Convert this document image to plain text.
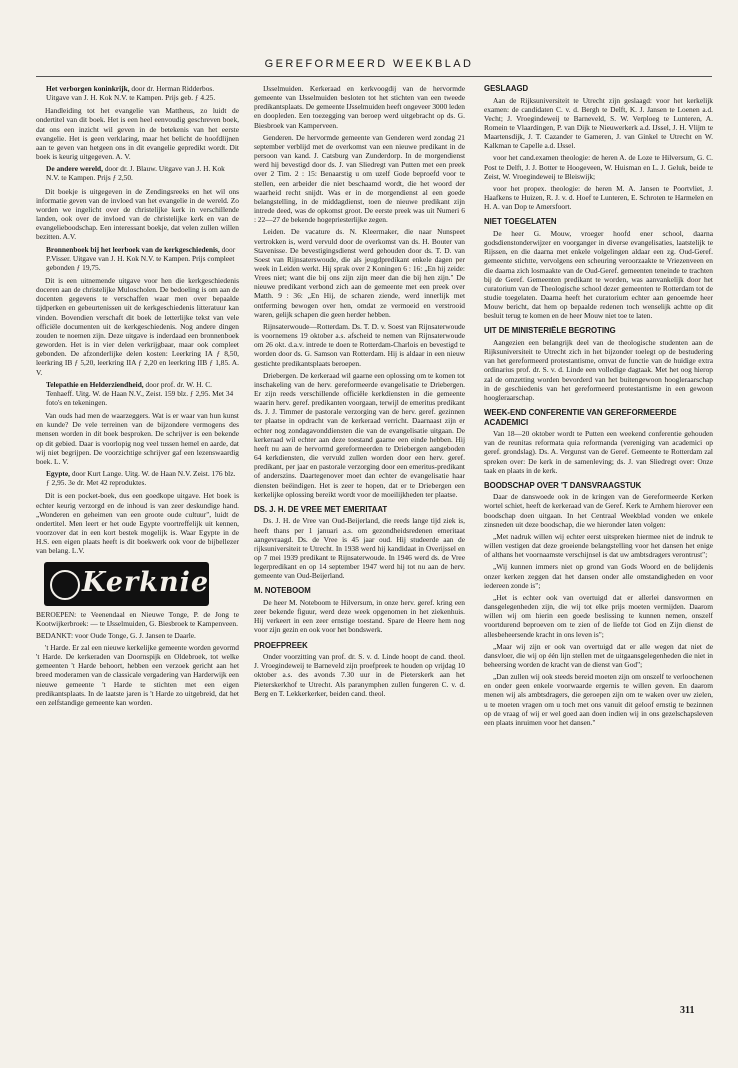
GEREFORMEERD WEEKBLAD
Het verborgen koninkrijk, door dr. Herman Ridderbos. Uitgave van J. H. Kok N.V. te Kampen. Prijs geb. ƒ 4.25.

Handleiding tot het evangelie van Mattheus, zo luidt de ondertitel van dit boek. Het is een heel eenvoudig geschreven boek, dat ons een inzicht wil geven in de betekenis van het eerste evangelie. Het is geen verklaring, maar het belicht de hoofdlijnen aan te geven van hetgeen ons in dit evangelie gepredikt wordt. Dit boek is keurig uitgegeven. A. V.

De andere wereld, door dr. J. Blauw. Uitgave van J. H. Kok N.V. te Kampen. Prijs ƒ 2,50.

Dit boekje is uitgegeven in de Zendingsreeks en het wil ons informatie geven van de invloed van het evangelie in de wereld. Zo worden we ingelicht over de christelijke kerk in verschillende landen, ook over de invloed van de christelijke kerk en van de evangelieboodschap. Een interessant boekje, dat velen zullen willen bezitten. A.V.

Bronnenboek bij het leerboek van de kerkgeschiedenis, door P.Visser. Uitgave van J. H. Kok N.V. te Kampen. Prijs compleet gebonden ƒ 19,75.

Dit is een uitnemende uitgave voor hen die kerkgeschiedenis doceren aan de christelijke Muloscholen. De bedoeling is om aan de docenten gegevens te verschaffen waar men over bepaalde tijdperken en gebeurtenissen uit de kerkgeschiedenis litteratuur kan vinden. Bovendien verschaft dit boek de letterlijke tekst van vele officiële documenten uit de kerkgeschiedenis. Nog andere dingen zouden te noemen zijn. Deze uitgave is inderdaad een bronnenboek geworden. Het is in vier delen verkrijgbaar, maar ook compleet gebonden. De afzonderlijke delen kosten: Leerkring IA ƒ 8,50, leerkring IB ƒ 5,20, leerkring IIA ƒ 2,20 en leerkring IIB ƒ 1,85. A. V.

Telepathie en Helderziendheid, door prof. dr. W. H. C. Tenhaeff. Uitg. W. de Haan N.V., Zeist. 159 blz. ƒ 2,95. Met 34 foto's en tekeningen.

Van ouds had men de waarzeggers. Wat is er waar van hun kunst en kunde? De vele terreinen van de bijzondere vermogens des mensen worden in dit boek besproken. De schrijver is een bekende op dit gebied. Daar is voorlopig nog veel tussen hemel en aarde, dat wij niet begrijpen. De voorzichtige schrijver gaf een lezenswaardig boek. L. V.

Egypte, door Kurt Lange. Uitg. W. de Haan N.V. Zeist. 176 blz. ƒ 2,95. 3e dr. Met 42 reproduktes.

Dit is een pocket-boek, dus een goedkope uitgave. Het boek is echter keurig verzorgd en de inhoud is van zeer deskundige hand. „Wonderen en geheimen van een groote oude cultuur", luidt de ondertitel. Men leert er het oude Egypte voortreffelijk uit kennen, voorzover dat in een kort bestek mogelijk is. Waar Egypte in de H.S. een eigen plaats heeft is dit boekwerk ook voor de bijbellezer van belang. L.V.

Kerknieuws

BEROEPEN: te Veenendaal en Nieuwe Tonge, P. de Jong te Kootwijkerbroek: — te IJsselmuiden, G. Biesbroek te Kampenveen.

BEDANKT: voor Oude Tonge, G. J. Jansen te Daarle.

't Harde. Er zal een nieuwe kerkelijke gemeente worden gevormd 't Harde. De kerkeraden van Doornspijk en Oldebroek, tot welke gemeenten 't Harde behoort, hebben een verzoek gericht aan het breed moderamen van de classicale vergadering van Harderwijk een nieuwe gemeente 't Harde te stichten met een eigen predikantsplaats. In de laatste jaren is 't Harde zo uitgebreid, dat het een zelfstandige gemeente kan worden.

IJsselmuiden. Kerkeraad en kerkvoogdij van de hervormde gemeente van IJsselmuiden besloten tot het stichten van een tweede predikantsplaats. De gemeente IJsselmuiden heeft ongeveer 3000 leden en doopleden. Een toezegging van beroep werd uitgebracht op ds. G. Biesbroek van Kamperveen.

Genderen. De hervormde gemeente van Genderen werd zondag 21 september verblijd met de overkomst van een nieuwe predikant in de persoon van kand. J. Catsburg van Zunderdorp. In de morgendienst werd hij bevestigd door ds. J. van Sliedregt van Putten met een preek over 2 Tim. 2 : 15: Benaarstig u om uzelf Gode beproefd voor te stellen, een arbeider die niet beschaamd wordt, die het woord der waarheid recht snijdt. Was er in de morgendienst al een goede belangstelling, in de middagdienst, toen de nieuwe predikant zijn intrede deed, was de opkomst groot. De eerste preek was uit Numeri 6 : 22—27 de bekende hogepriesterlijke zegen.

Leiden. De vacature ds. N. Kleermaker, die naar Nunspeet vertrokken is, werd vervuld door de overkomst van ds. H. Bouter van Stavenisse. De bevestigingsdienst werd gehouden door ds. T. D. van Soest van Rijnsaterswoude, die als jeugdpredikant enkele dagen per week in Leiden werkt. Hij sprak over 2 Koningen 6 : 16: „En hij zeide: Vrees niet; want die bij ons zijn zijn meer dan die bij hen zijn." De nieuwe predikant verbond zich aan de gemeente met een preek over Matth. 9 : 36: „En Hij, de scharen ziende, werd innerlijk met ontferming bewogen over hen, omdat ze vermoeid en verstrooid waren, gelijk schapen die geen herder hebben.

Rijnsaterwoude—Rotterdam. Ds. T. D. v. Soest van Rijnsaterwoude is voornemens 19 oktober a.s. afscheid te nemen van Rijnsaterwoude om 26 okt. d.a.v. intrede te doen te Rotterdam-Charlois en bevestigd te worden door ds. G. Samson van Rotterdam. Hij is aldaar in een nieuw gestichte predikantsplaats beroepen.

Driebergen. De kerkeraad wil gaarne een oplossing om te komen tot inschakeling van de herv. gereformeerde evangelisatie te Driebergen. Er zijn reeds verschillende officiële kerkdiensten in die gemeente waarin herv. geref. predikanten voorgaan, terwijl de emeritus predikant ds. J. J. Timmer de pastorale verzorging van de herv. geref. gezinnen ter plaatse in opdracht van de kerkeraad verricht. Daarnaast zijn er echter nog zondagavonddiensten die van de evangelisatie uitgaan. De kerkeraad wil echter aan deze toestand gaarne een einde hebben. Hij heeft nu aan de hervormd gereformeerden te Driebergen aangeboden 64 kerkdiensten, die vervuld zullen worden door een herv. geref. predikant, per jaar en pastorale verzorging door een emeritus-predikant of anderszins. Daartegenover moet dan echter de evangelisatie haar diensten beëindigen. Het is zeer te hopen, dat er te Driebergen een kerkelijke oplossing bereikt wordt voor de moeilijkheden ter plaatse.

DS. J. H. DE VREE MET EMERITAAT

Ds. J. H. de Vree van Oud-Beijerland, die reeds lange tijd ziek is, heeft thans per 1 januari a.s. om gezondheidsredenen emeritaat aangevraagd. Ds. de Vree is 45 jaar oud. Hij studeerde aan de rijksuniversiteit te Utrecht. In 1938 werd hij kandidaat in Overijssel en op 7 mei 1939 predikant te Rijnsaterwoude. In 1946 werd ds. de Vree legerpredikant en op 14 september 1947 werd hij tot nu aan de herv. gemeente van Oud-Beijerland.

M. NOTEBOOM

De heer M. Noteboom te Hilversum, in onze herv. geref. kring een zeer bekende figuur, werd deze week opgenomen in het ziekenhuis. Hij verkeert in een zeer ernstige toestand. Spare de Heere hem nog voor zijn gezin en ook voor het bondswerk.

PROEFPREEK

Onder voorzitting van prof. dr. S. v. d. Linde hoopt de cand. theol. J. Vroegindeweij te Barneveld zijn proefpreek te houden op vrijdag 10 oktober a.s. des avonds 7.30 uur in de Pieterskerk aan het Pieterskerkhof te Utrecht. Als paranymphen zullen fungeren C. v. d. Berg en T. Lekkerkerker, beiden cand. theol.

GESLAAGD

Aan de Rijksuniversiteit te Utrecht zijn geslaagd: voor het kerkelijk examen: de candidaten C. v. d. Bergh te Delft, K. J. Jansen te Loenen a.d. Vecht; J. Vroegindeweij te Barneveld, S. W. Verploeg te Lunteren, A. Romein te Vlaardingen, P. van Dijk te Nieuwerkerk a.d. IJssel, J. H. Vlijm te Maartensdijk, J. T. Cazander te Gameren, J. van Ginkel te Utrecht en W. Kalkman te Capelle a.d. IJssel.

voor het cand.examen theologie: de heren A. de Loze te Hilversum, G. C. Post te Delft, J. J. Botter te Hoogeveen, W. Huisman en L. J. Geluk, beide te Zeist, W. Vroegindeweij te Bleiswijk;

voor het propex. theologie: de heren M. A. Jansen te Poortvliet, J. Haafkens te Huizen, R. J. v. d. Hoef te Lunteren, E. Schroten te Harmelen en H. A. van Dop te Amersfoort.

NIET TOEGELATEN

De heer G. Mouw, vroeger hoofd ener school, daarna godsdienstonderwijzer en voorganger in diverse evangelisaties, laatstelijk te Rijssen, en die daarna met enkele volgelingen aldaar een zg. Oud-Geref. gemeente stichtte, vervolgens een scheuring veroorzaakte te Vriezenveen en die daarna zich losmaakte van de Oud-Geref. gemeenten teneinde te trachten bij de Geref. Gemeenten predikant te worden, was aanvankelijk door het curatorium van de Theologische school dezer gemeenten te Rotterdam tot de studie toegelaten. Daarna heeft het curatorium echter aan genoemde heer Mouw bericht, dat hem op bepaalde redenen toch wenselijk achtte op dit besluit terug te komen en de heer Mouw niet toe te laten.

UIT DE MINISTERIËLE BEGROTING

Aangezien een belangrijk deel van de theologische studenten aan de Rijksuniversiteit te Utrecht zich in het bijzonder toelegt op de bestudering van het gereformeerd protestantisme, omvat de functie van de huidige extra ordinarius prof. dr. S. v. d. Linde een volledige dagtaak. Met het oog hierop zal de omzetting worden bevorderd van het buitengewoon hoogleraarschap in de geschiedenis van het gereformeerd protestantisme in een gewoon hoogleraarschap.

WEEK-END CONFERENTIE VAN GEREFORMEERDE ACADEMICI

Van 18—20 oktober wordt te Putten een weekend conferentie gehouden van de reunitas reformata quia reformanda (vereniging van academici op geref. grondslag). Ds. A. Vergunst van de Geref. Gemeente te Rotterdam zal spreken over: De kerk in de samenleving; ds. J. van Sliedregt over: Onze taak en plaats in de kerk.

BOODSCHAP OVER 'T DANSVRAAGSTUK

Daar de danswoede ook in de kringen van de Gereformeerde Kerken wortel schiet, heeft de kerkeraad van de Geref. Kerk te Arnhem hierover een boodschap doen uitgaan. In het Centraal Weekblad vonden we enkele zinsneden uit deze boodschap, die we hieronder laten volgen:

„Met nadruk willen wij echter eerst uitspreken hiermee niet de indruk te willen vestigen dat deze groeiende belangstelling voor het dansen het enige of althans het voornaamste verschijnsel is dat uw ambtsdragers verontrust";

„Wij kunnen immers niet op grond van Gods Woord en de belijdenis onzer kerken zeggen dat het dansen onder alle omstandigheden en voor iedereen zonde is";

„Het is echter ook van overtuigd dat er allerlei dansvormen en dansgelegenheden zijn, die wij tot elke prijs moeten vermijden. Daarom willen wij om hierin een goede beslissing te kunnen nemen, onszelf voortdurend beproeven om te zien of de liefde tot God en Zijn dienst de allesbeheersende kracht in ons leven is";

„Maar wij zijn er ook van overtuigd dat er alle wegen dat niet de dansvloer, die wij op één lijn stellen met de uitgaansgelegenheden die niet in beheersing worden de kracht van de dienst van God";

„Dan zullen wij ook steeds bereid moeten zijn om onszelf te verloochenen en onder geen enkele voorwaarde ergernis te willen geven. En daarom menen wij als ambtsdragers, die geroepen zijn om te waken over uw zielen, u te moeten vragen om u toch met ons vanuit dit geloof ernstig te bezinnen op de vraag of wij er wel goed aan doen indien wij in ons gezelschapsleven een plaats inruimen voor het dansen."

311
